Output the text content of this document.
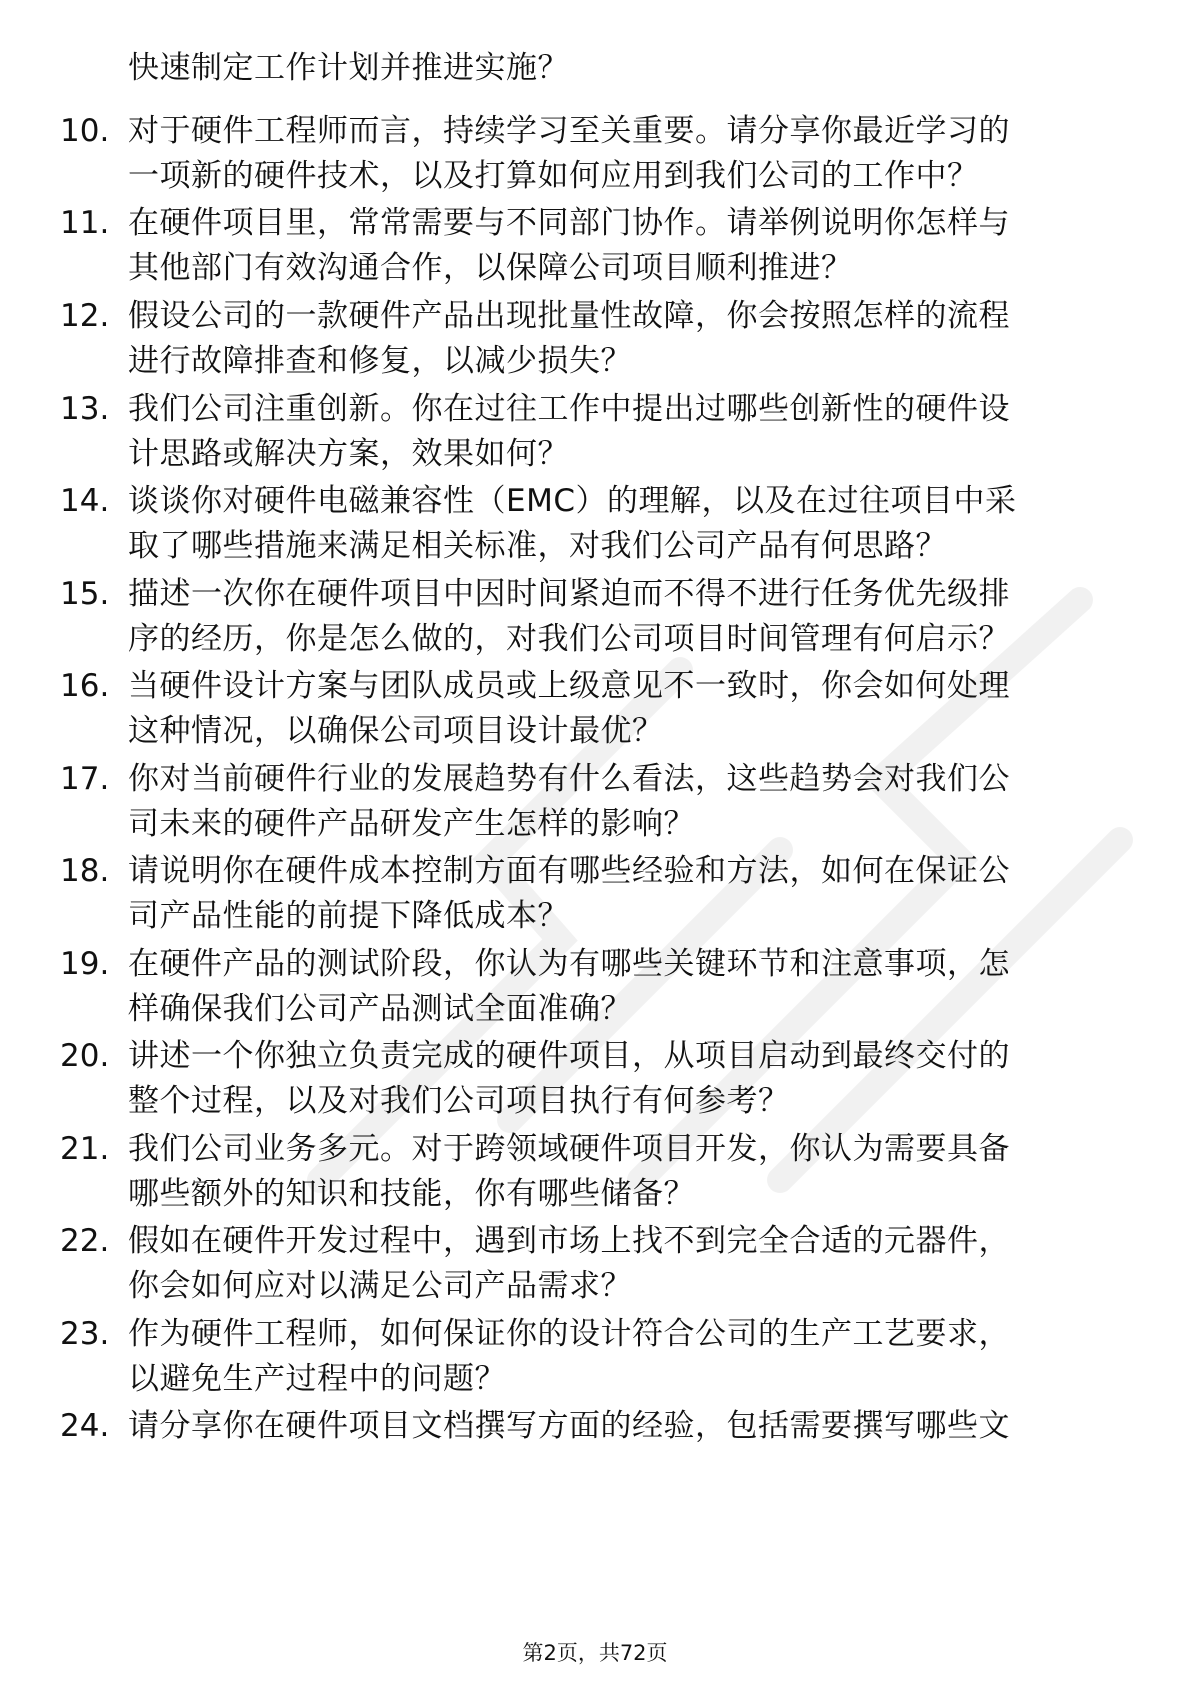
快速制定工作计划并推进实施？
10. 对于硬件工程师而言，持续学习至关重要。请分享你最近学习的
一项新的硬件技术，以及打算如何应用到我们公司的工作中？
11. 在硬件项目里，常常需要与不同部门协作。请举例说明你怎样与
其他部门有效沟通合作，以保障公司项目顺利推进？
12. 假设公司的一款硬件产品出现批量性故障，你会按照怎样的流程
进行故障排查和修复，以减少损失？
13. 我们公司注重创新。你在过往工作中提出过哪些创新性的硬件设
计思路或解决方案，效果如何？
14. 谈谈你对硬件电磁兼容性（EMC）的理解，以及在过往项目中采
取了哪些措施来满足相关标准，对我们公司产品有何思路？
15. 描述一次你在硬件项目中因时间紧迫而不得不进行任务优先级排
序的经历，你是怎么做的，对我们公司项目时间管理有何启示？
16. 当硬件设计方案与团队成员或上级意见不一致时，你会如何处理
这种情况，以确保公司项目设计最优？
17. 你对当前硬件行业的发展趋势有什么看法，这些趋势会对我们公
司未来的硬件产品研发产生怎样的影响？
18. 请说明你在硬件成本控制方面有哪些经验和方法，如何在保证公
司产品性能的前提下降低成本？
19. 在硬件产品的测试阶段，你认为有哪些关键环节和注意事项，怎
样确保我们公司产品测试全面准确？
20. 讲述一个你独立负责完成的硬件项目，从项目启动到最终交付的
整个过程，以及对我们公司项目执行有何参考？
21. 我们公司业务多元。对于跨领域硬件项目开发，你认为需要具备
哪些额外的知识和技能，你有哪些储备？
22. 假如在硬件开发过程中，遇到市场上找不到完全合适的元器件，
你会如何应对以满足公司产品需求？
23. 作为硬件工程师，如何保证你的设计符合公司的生产工艺要求，
以避免生产过程中的问题？
24. 请分享你在硬件项目文档撰写方面的经验，包括需要撰写哪些文
第2页，共72页
